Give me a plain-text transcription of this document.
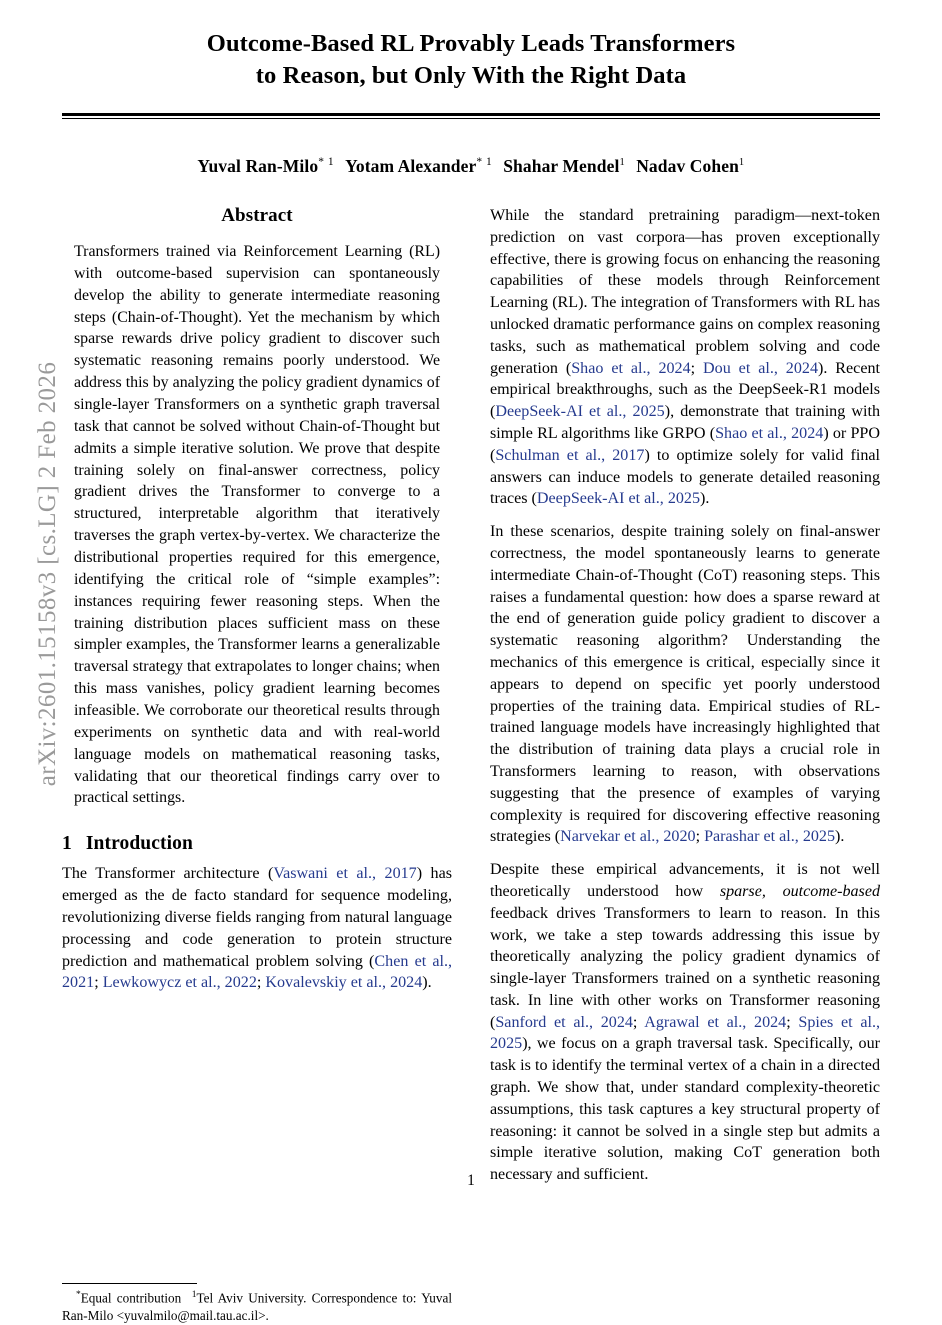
arXiv:2601.15158v3 [cs.LG] 2 Feb 2026
Outcome-Based RL Provably Leads Transformers
to Reason, but Only With the Right Data
Yuval Ran-Milo$^{* 1}$ Yotam Alexander$^{* 1}$ Shahar Mendel$^1$ Nadav Cohen$^1$
Abstract

Transformers trained via Reinforcement Learning (RL) with outcome-based supervision can spontaneously develop the ability to generate intermediate reasoning steps (Chain-of-Thought). Yet the mechanism by which sparse rewards drive policy gradient to discover such systematic reasoning remains poorly understood. We address this by analyzing the policy gradient dynamics of single-layer Transformers on a synthetic graph traversal task that cannot be solved without Chain-of-Thought but admits a simple iterative solution. We prove that despite training solely on final-answer correctness, policy gradient drives the Transformer to converge to a structured, interpretable algorithm that iteratively traverses the graph vertex-by-vertex. We characterize the distributional properties required for this emergence, identifying the critical role of “simple examples”: instances requiring fewer reasoning steps. When the training distribution places sufficient mass on these simpler examples, the Transformer learns a generalizable traversal strategy that extrapolates to longer chains; when this mass vanishes, policy gradient learning becomes infeasible. We corroborate our theoretical results through experiments on synthetic data and with real-world language models on mathematical reasoning tasks, validating that our theoretical findings carry over to practical settings.

1 Introduction

The Transformer architecture (Vaswani et al., 2017) has emerged as the de facto standard for sequence modeling, revolutionizing diverse fields ranging from natural language processing and code generation to protein structure prediction and mathematical problem solving (Chen et al., 2021; Lewkowycz et al., 2022; Kovalevskiy et al., 2024).

*Equal contribution $^1$Tel Aviv University. Correspondence to: Yuval Ran-Milo <yuvalmilo@mail.tau.ac.il>.

While the standard pretraining paradigm—next-token prediction on vast corpora—has proven exceptionally effective, there is growing focus on enhancing the reasoning capabilities of these models through Reinforcement Learning (RL). The integration of Transformers with RL has unlocked dramatic performance gains on complex reasoning tasks, such as mathematical problem solving and code generation (Shao et al., 2024; Dou et al., 2024). Recent empirical breakthroughs, such as the DeepSeek-R1 models (DeepSeek-AI et al., 2025), demonstrate that training with simple RL algorithms like GRPO (Shao et al., 2024) or PPO (Schulman et al., 2017) to optimize solely for valid final answers can induce models to generate detailed reasoning traces (DeepSeek-AI et al., 2025).

In these scenarios, despite training solely on final-answer correctness, the model spontaneously learns to generate intermediate Chain-of-Thought (CoT) reasoning steps. This raises a fundamental question: how does a sparse reward at the end of generation guide policy gradient to discover a systematic reasoning algorithm? Understanding the mechanics of this emergence is critical, especially since it appears to depend on specific yet poorly understood properties of the training data. Empirical studies of RL-trained language models have increasingly highlighted that the distribution of training data plays a crucial role in Transformers learning to reason, with observations suggesting that the presence of examples of varying complexity is required for discovering effective reasoning strategies (Narvekar et al., 2020; Parashar et al., 2025).

Despite these empirical advancements, it is not well theoretically understood how sparse, outcome-based feedback drives Transformers to learn to reason. In this work, we take a step towards addressing this issue by theoretically analyzing the policy gradient dynamics of single-layer Transformers trained on a synthetic reasoning task. In line with other works on Transformer reasoning (Sanford et al., 2024; Agrawal et al., 2024; Spies et al., 2025), we focus on a graph traversal task. Specifically, our task is to identify the terminal vertex of a chain in a directed graph. We show that, under standard complexity-theoretic assumptions, this task captures a key structural property of reasoning: it cannot be solved in a single step but admits a simple iterative solution, making CoT generation both necessary and sufficient.

1
